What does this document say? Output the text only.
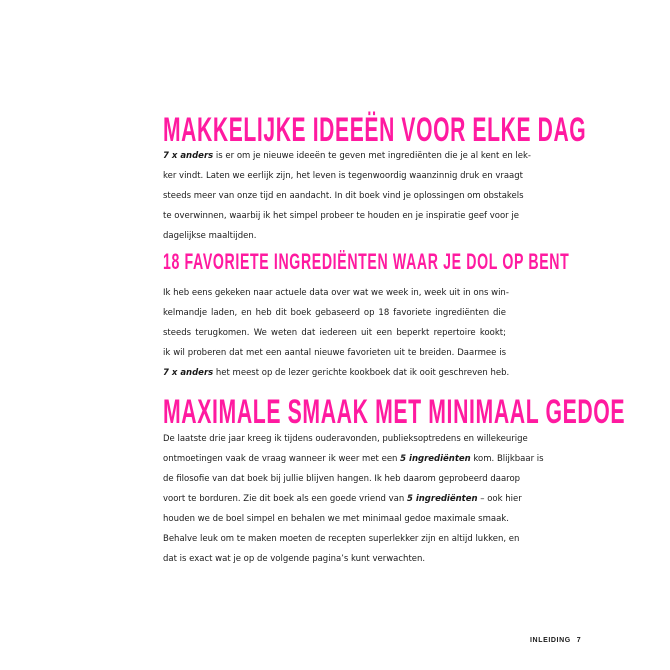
MAKKELIJKE IDEEËN VOOR ELKE DAG
7 x anders is er om je nieuwe ideeën te geven met ingrediënten die je al kent en lek-
ker vindt. Laten we eerlijk zijn, het leven is tegenwoordig waanzinnig druk en vraagt
steeds meer van onze tijd en aandacht. In dit boek vind je oplossingen om obstakels
te overwinnen, waarbij ik het simpel probeer te houden en je inspiratie geef voor je
dagelijkse maaltijden.
18 FAVORIETE INGREDIËNTEN WAAR JE DOL OP BENT
Ik heb eens gekeken naar actuele data over wat we week in, week uit in ons win-
kelmandje laden, en heb dit boek gebaseerd op 18 favoriete ingrediënten die
steeds terugkomen. We weten dat iedereen uit een beperkt repertoire kookt;
ik wil proberen dat met een aantal nieuwe favorieten uit te breiden. Daarmee is
7 x anders het meest op de lezer gerichte kookboek dat ik ooit geschreven heb.
MAXIMALE SMAAK MET MINIMAAL GEDOE
De laatste drie jaar kreeg ik tijdens ouderavonden, publieksoptredens en willekeurige
ontmoetingen vaak de vraag wanneer ik weer met een 5 ingrediënten kom. Blijkbaar is
de filosofie van dat boek bij jullie blijven hangen. Ik heb daarom geprobeerd daarop
voort te borduren. Zie dit boek als een goede vriend van 5 ingrediënten – ook hier
houden we de boel simpel en behalen we met minimaal gedoe maximale smaak.
Behalve leuk om te maken moeten de recepten superlekker zijn en altijd lukken, en
dat is exact wat je op de volgende pagina’s kunt verwachten.
INLEIDING 7
